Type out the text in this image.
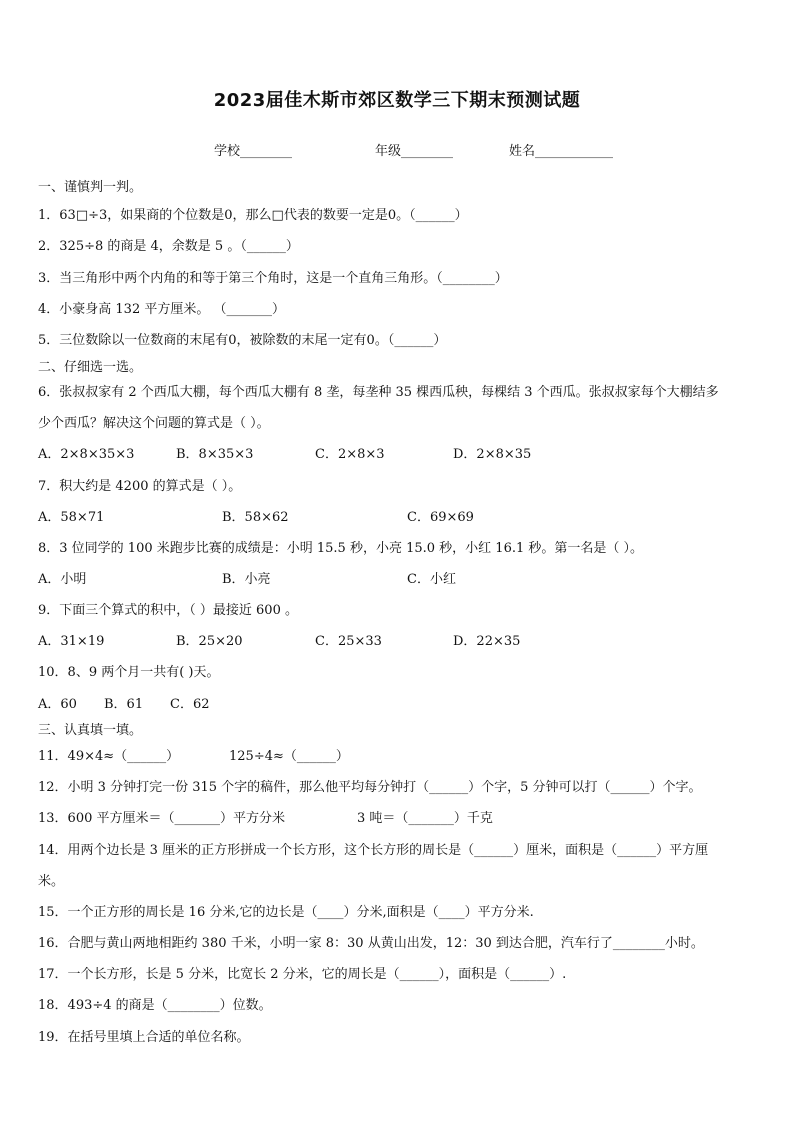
2023届佳木斯市郊区数学三下期末预测试题
学校________	年级________	姓名____________
一、谨慎判一判。
1．63□÷3，如果商的个位数是0，那么□代表的数要一定是0。（______）
2．325÷8 的商是 4，余数是 5 。（______）
3．当三角形中两个内角的和等于第三个角时，这是一个直角三角形。（________）
4．小豪身高 132 平方厘米。 （_______）
5．三位数除以一位数商的末尾有0，被除数的末尾一定有0。（______）
二、仔细选一选。
6．张叔叔家有 2 个西瓜大棚，每个西瓜大棚有 8 垄，每垄种 35 棵西瓜秧，每棵结 3 个西瓜。张叔叔家每个大棚结多
少个西瓜？解决这个问题的算式是（ ）。
A．2×8×35×3	B．8×35×3	C．2×8×3	D．2×8×35
7．积大约是 4200 的算式是（ ）。
A．58×71	B．58×62	C．69×69
8．3 位同学的 100 米跑步比赛的成绩是：小明 15.5 秒，小亮 15.0 秒，小红 16.1 秒。第一名是（ ）。
A．小明	B．小亮	C．小红
9．下面三个算式的积中，（ ）最接近 600 。
A．31×19	B．25×20	C．25×33	D．22×35
10．8、9 两个月一共有( )天。
A．60 B．61 C．62
三、认真填一填。
11．49×4≈（______）	125÷4≈（______）
12．小明 3 分钟打完一份 315 个字的稿件，那么他平均每分钟打（______）个字，5 分钟可以打（______）个字。
13．600 平方厘米＝（_______）平方分米	3 吨＝（_______）千克
14．用两个边长是 3 厘米的正方形拼成一个长方形，这个长方形的周长是（______）厘米，面积是（______）平方厘
米。
15．一个正方形的周长是 16 分米,它的边长是（____）分米,面积是（____）平方分米.
16．合肥与黄山两地相距约 380 千米，小明一家 8：30 从黄山出发，12：30 到达合肥，汽车行了________小时。
17．一个长方形，长是 5 分米，比宽长 2 分米，它的周长是（______），面积是（______）.
18．493÷4 的商是（________）位数。
19．在括号里填上合适的单位名称。
